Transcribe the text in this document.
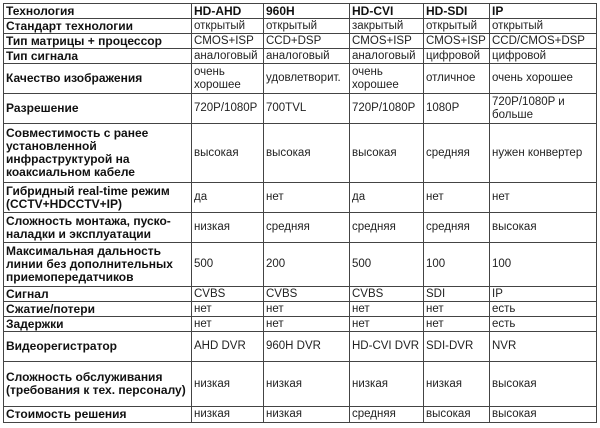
Технология	HD-AHD	960H	HD-CVI	HD-SDI	IP
Стандарт технологии	открытый	открытый	закрытый	открытый	открытый
Тип матрицы + процессор	CMOS+ISP	CCD+DSP	CMOS+ISP	CMOS+ISP	CCD/CMOS+DSP
Тип сигнала	аналоговый	аналоговый	аналоговый	цифровой	цифровой
Качество изображения	очень хорошее	удовлетворит.	очень хорошее	отличное	очень хорошее
Разрешение	720P/1080P	700TVL	720P/1080P	1080P	720P/1080P и больше
Совместимость с ранее установленной инфраструктурой на коаксиальном кабеле	высокая	высокая	высокая	средняя	нужен конвертер
Гибридный real-time режим (CCTV+HDCCTV+IP)	да	нет	да	нет	нет
Сложность монтажа, пуско-наладки и эксплуатации	низкая	средняя	средняя	средняя	высокая
Максимальная дальность линии без дополнительных приемопередатчиков	500	200	500	100	100
Сигнал	CVBS	CVBS	CVBS	SDI	IP
Сжатие/потери	нет	нет	нет	нет	есть
Задержки	нет	нет	нет	нет	есть
Видеорегистратор	AHD DVR	960H DVR	HD-CVI DVR	SDI-DVR	NVR
Сложность обслуживания (требования к тех. персоналу)	низкая	низкая	низкая	низкая	высокая
Стоимость решения	низкая	низкая	средняя	высокая	высокая
